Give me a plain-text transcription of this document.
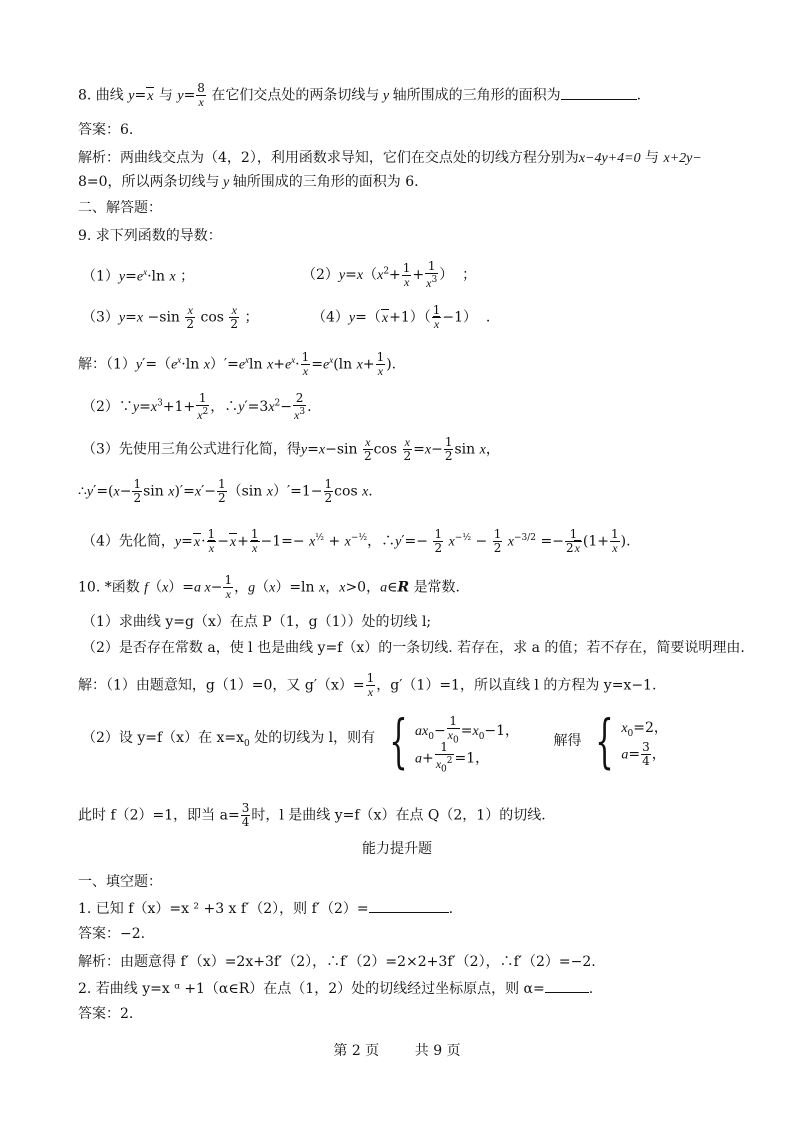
8. 曲线 y=x 与 $y= \frac{8}{x}$ 在它们交点处的两条切线与 y 轴所围成的三角形的面积为	.
答案：6.
解析：两曲线交点为（4，2），利用函数求导知，它们在交点处的切线方程分别为x−4y+4=0 与 x+2y−
8=0，所以两条切线与 y 轴所围成的三角形的面积为 6.
二、解答题：
9. 求下列函数的导数：
$(1)y=e^x\cdot\ln$ x ；	$(2)y=x(x^2+ \frac{1}{x} + \frac{1}{x^3}$ ）  ；
$(3)y=x -\sin \frac{x}{2}$ $\cos \frac{x}{2}$ ；	$(4)y=(x+1)( \frac{1}{x} -1)$  .
解：$(1)y'=(e^x\cdot\ln$ $x)'=e^x\ln$ $x+e^x\cdot \frac{1}{x} =e^x(\ln$ $x+ \frac{1}{x}$ ).
$(2)\because y=x^3+1+ \frac{1}{x^2}$ ，$\therefore y'=3x^2- \frac{2}{x^3}$ .
（3）先使用三角公式进行化简，得$y=x-\sin \frac{x}{2}$ $\cos \frac{x}{2} =x- \frac{1}{2}$ sin x，
∴y′=(x− $\frac{1}{2}$ $\sin x)'=x'- \frac{1}{2} (\sin$ $x)'=1- \frac{1}{2}$ cos x.
（4）先化简，$y=x\cdot \frac{1}{x} -x+ \frac{1}{x} -1=- x^{\frac{1}{2}} + x^{-\frac{1}{2}}$，∴y′=− $\frac{1}{2} x^{-\frac{1}{2}} - \frac{1}{2} x^{-3/2} =- \frac{1}{2x} (1+ \frac{1}{x}$ ).
10. *函数 f（x）=a $x- \frac{1}{x}$ ，g（x）=ln x，x>0，a∈R 是常数.
（1）求曲线 y=g（x）在点 P（1，g（1））处的切线 l;
（2）是否存在常数 a，使 l 也是曲线 y=f（x）的一条切线. 若存在，求 a 的值；若不存在，简要说明理由.
解：（1）由题意知，g（1）=0，又 $g'(x)= \frac{1}{x}$ ，g′（1）=1，所以直线 l 的方程为 y=x−1.
（2）设 y=f（x）在 $x=x_0$ 处的切线为 l，则有 { $ax_0- \frac{1}{x_0} =x_0-1$，
$a+ \frac{1}{x_0^2} =1$，
解得 { $x_0=2$，
$a= \frac{3}{4}$ ，
此时 f（2）=1，即当 $a= \frac{3}{4}$ 时，l 是曲线 y=f（x）在点 Q（2，1）的切线.
能力提升题
一、填空题：
1. 已知 f（x）=x ² +3 x f′（2），则 f′（2）=	.
答案：−2.
解析：由题意得 f′（x）=2x+3f′（2），∴f′（2）=2×2+3f′（2），∴f′（2）=−2.
2. 若曲线 y=x ᵅ +1（α∈R）在点（1，2）处的切线经过坐标原点，则 α=	.
答案：2.
第 2 页	共 9 页
